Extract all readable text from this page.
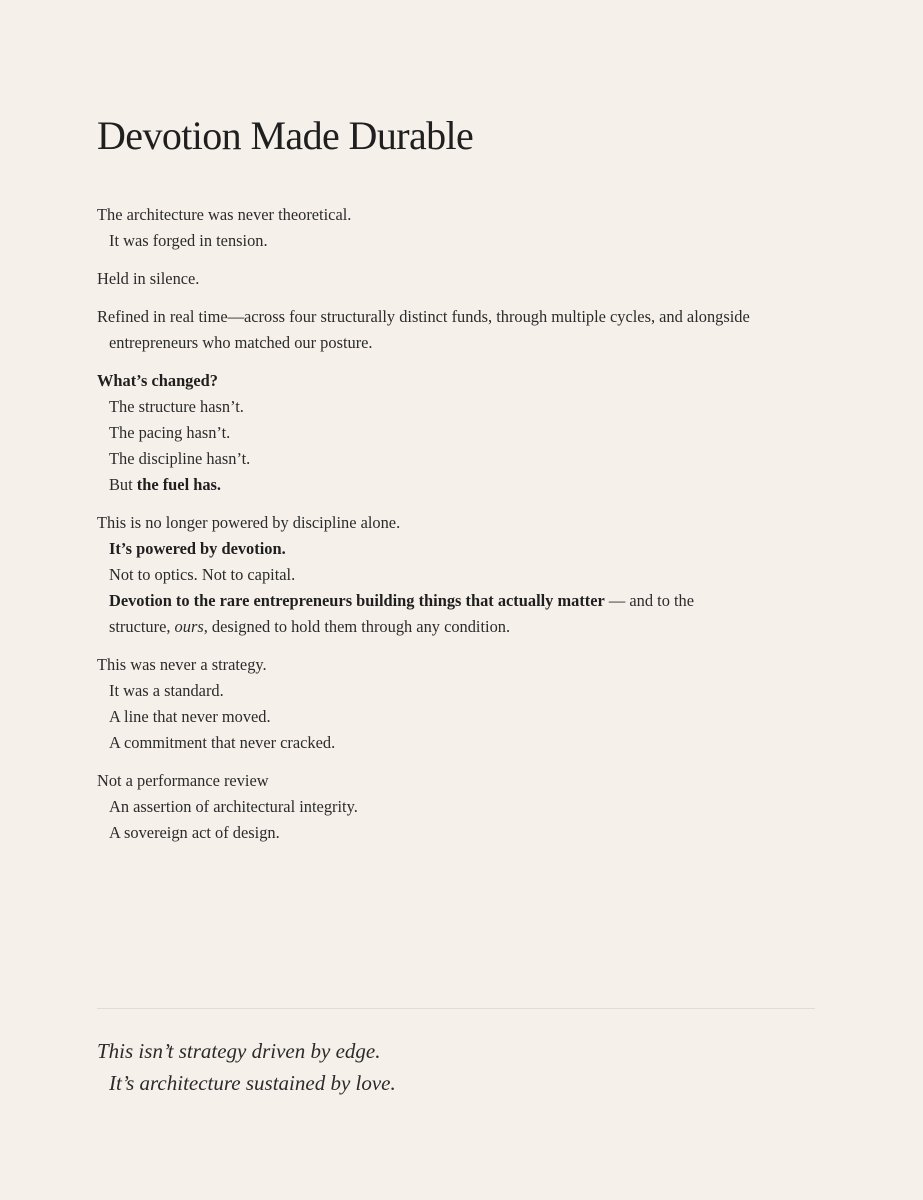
Devotion Made Durable

The architecture was never theoretical.
It was forged in tension.

Held in silence.

Refined in real time—across four structurally distinct funds, through multiple cycles, and alongside entrepreneurs who matched our posture.

What’s changed?
The structure hasn’t.
The pacing hasn’t.
The discipline hasn’t.
But the fuel has.

This is no longer powered by discipline alone.
It’s powered by devotion.
Not to optics. Not to capital.
Devotion to the rare entrepreneurs building things that actually matter — and to the
structure, ours, designed to hold them through any condition.

This was never a strategy.
It was a standard.
A line that never moved.
A commitment that never cracked.

Not a performance review
An assertion of architectural integrity.
A sovereign act of design.

This isn’t strategy driven by edge.
It’s architecture sustained by love.
